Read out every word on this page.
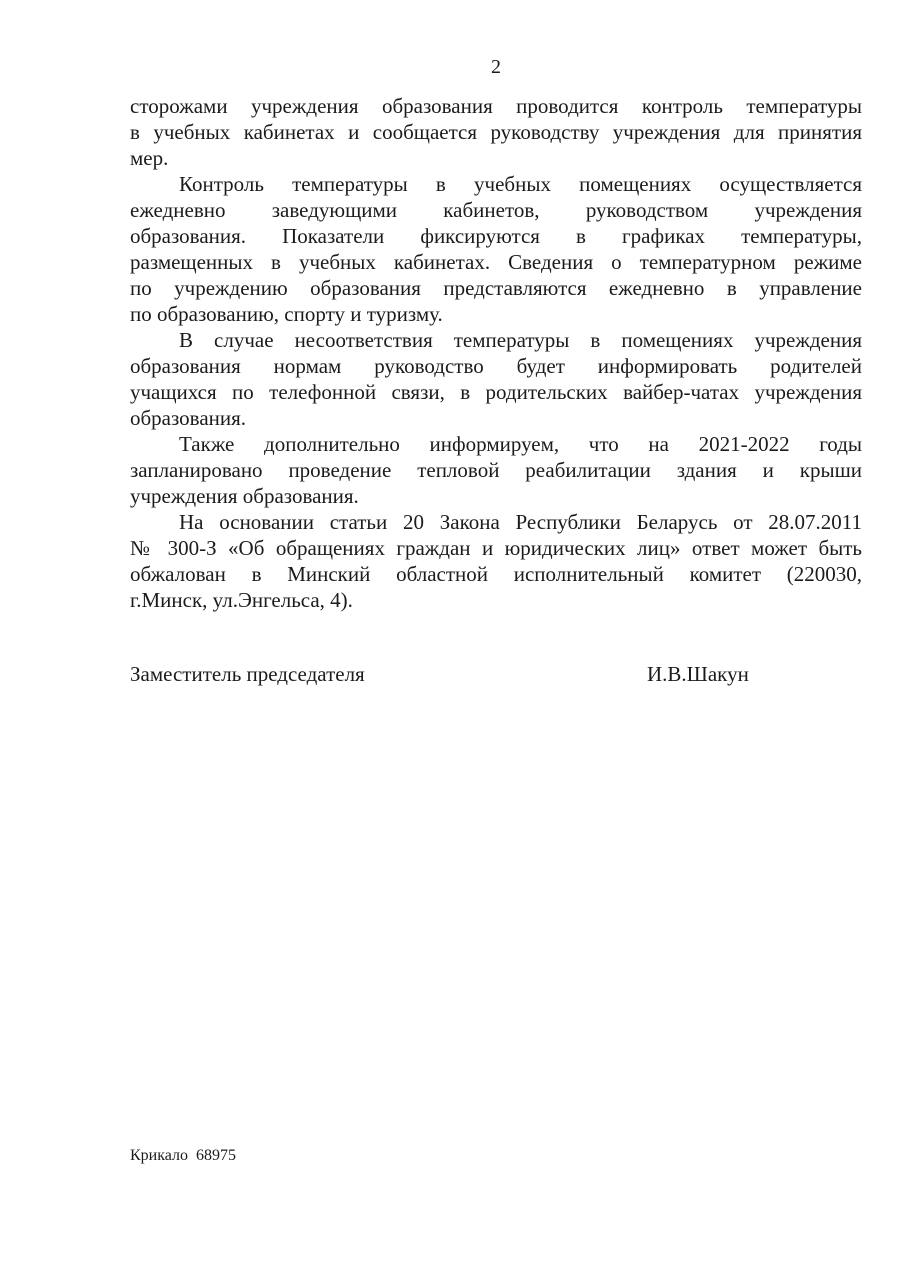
2
сторожами учреждения образования проводится контроль температуры
в учебных кабинетах и сообщается руководству учреждения для принятия
мер.
Контроль температуры в учебных помещениях осуществляется
ежедневно заведующими кабинетов, руководством учреждения
образования. Показатели фиксируются в графиках температуры,
размещенных в учебных кабинетах. Сведения о температурном режиме
по учреждению образования представляются ежедневно в управление
по образованию, спорту и туризму.
В случае несоответствия температуры в помещениях учреждения
образования нормам руководство будет информировать родителей
учащихся по телефонной связи, в родительских вайбер-чатах учреждения
образования.
Также дополнительно информируем, что на 2021-2022 годы
запланировано проведение тепловой реабилитации здания и крыши
учреждения образования.
На основании статьи 20 Закона Республики Беларусь от 28.07.2011
№ 300-З «Об обращениях граждан и юридических лиц» ответ может быть
обжалован в Минский областной исполнительный комитет (220030,
г.Минск, ул.Энгельса, 4).
Заместитель председателя	И.В.Шакун
Крикало  68975
